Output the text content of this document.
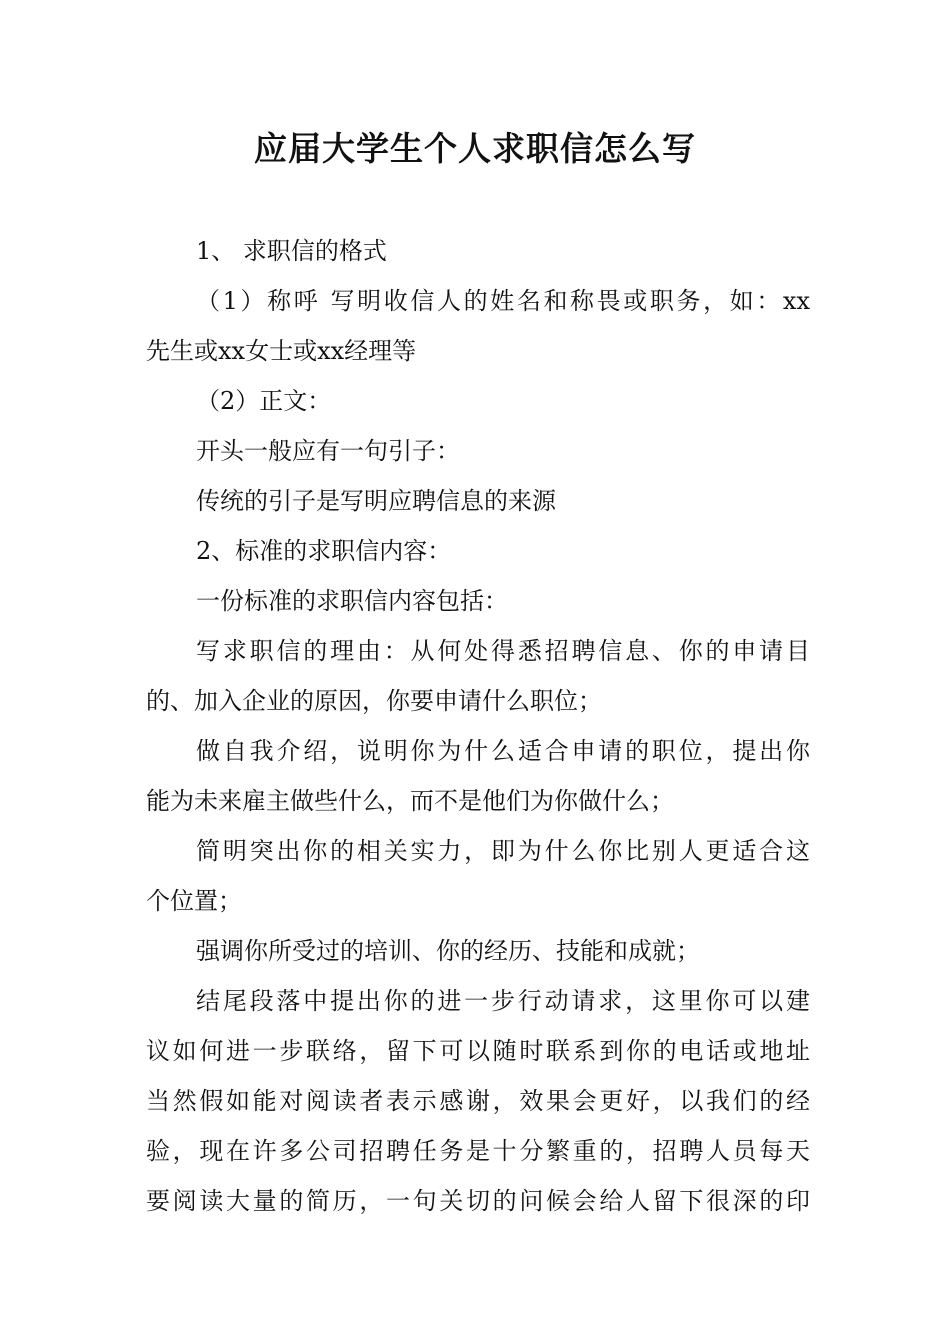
应届大学生个人求职信怎么写
1、 求职信的格式
（1）称呼 写明收信人的姓名和称畏或职务，如：xx
先生或xx女士或xx经理等
（2）正文：
开头一般应有一句引子：
传统的引子是写明应聘信息的来源
2、标准的求职信内容：
一份标准的求职信内容包括：
写求职信的理由：从何处得悉招聘信息、你的申请目
的、加入企业的原因，你要申请什么职位；
做自我介绍，说明你为什么适合申请的职位，提出你
能为未来雇主做些什么，而不是他们为你做什么；
简明突出你的相关实力，即为什么你比别人更适合这
个位置；
强调你所受过的培训、你的经历、技能和成就；
结尾段落中提出你的进一步行动请求，这里你可以建
议如何进一步联络，留下可以随时联系到你的电话或地址
当然假如能对阅读者表示感谢，效果会更好，以我们的经
验，现在许多公司招聘任务是十分繁重的，招聘人员每天
要阅读大量的简历，一句关切的问候会给人留下很深的印
